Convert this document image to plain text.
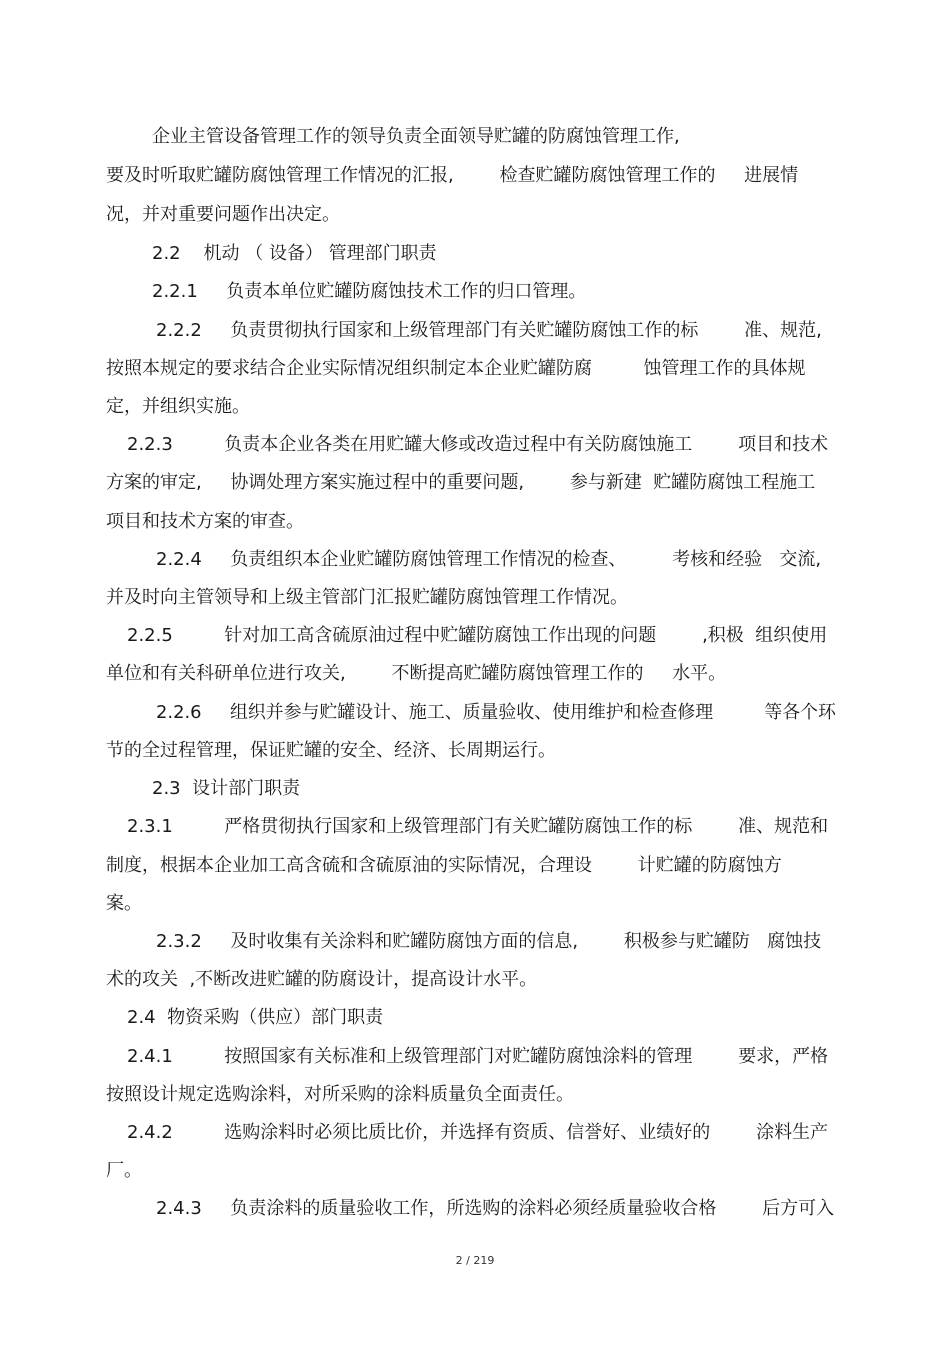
企业主管设备管理工作的领导负责全面领导贮罐的防腐蚀管理工作,
要及时听取贮罐防腐蚀管理工作情况的汇报,        检查贮罐防腐蚀管理工作的     进展情
况，并对重要问题作出决定。
2.2    机动 （ 设备） 管理部门职责
2.2.1     负责本单位贮罐防腐蚀技术工作的归口管理。
2.2.2     负责贯彻执行国家和上级管理部门有关贮罐防腐蚀工作的标        准、规范,
按照本规定的要求结合企业实际情况组织制定本企业贮罐防腐         蚀管理工作的具体规
定，并组织实施。
2.2.3         负责本企业各类在用贮罐大修或改造过程中有关防腐蚀施工        项目和技术
方案的审定,     协调处理方案实施过程中的重要问题,        参与新建  贮罐防腐蚀工程施工
项目和技术方案的审查。
2.2.4     负责组织本企业贮罐防腐蚀管理工作情况的检查、        考核和经验   交流,
并及时向主管领导和上级主管部门汇报贮罐防腐蚀管理工作情况。
2.2.5         针对加工高含硫原油过程中贮罐防腐蚀工作出现的问题        ,积极  组织使用
单位和有关科研单位进行攻关,        不断提高贮罐防腐蚀管理工作的     水平。
2.2.6     组织并参与贮罐设计、施工、质量验收、使用维护和检查修理         等各个环
节的全过程管理，保证贮罐的安全、经济、长周期运行。
2.3  设计部门职责
2.3.1         严格贯彻执行国家和上级管理部门有关贮罐防腐蚀工作的标        准、规范和
制度，根据本企业加工高含硫和含硫原油的实际情况，合理设        计贮罐的防腐蚀方
案。
2.3.2     及时收集有关涂料和贮罐防腐蚀方面的信息,        积极参与贮罐防   腐蚀技
术的攻关  ,不断改进贮罐的防腐设计，提高设计水平。
2.4  物资采购（供应）部门职责
2.4.1         按照国家有关标准和上级管理部门对贮罐防腐蚀涂料的管理        要求，严格
按照设计规定选购涂料，对所采购的涂料质量负全面责任。
2.4.2         选购涂料时必须比质比价，并选择有资质、信誉好、业绩好的        涂料生产
厂。
2.4.3     负责涂料的质量验收工作，所选购的涂料必须经质量验收合格        后方可入
2 / 219
